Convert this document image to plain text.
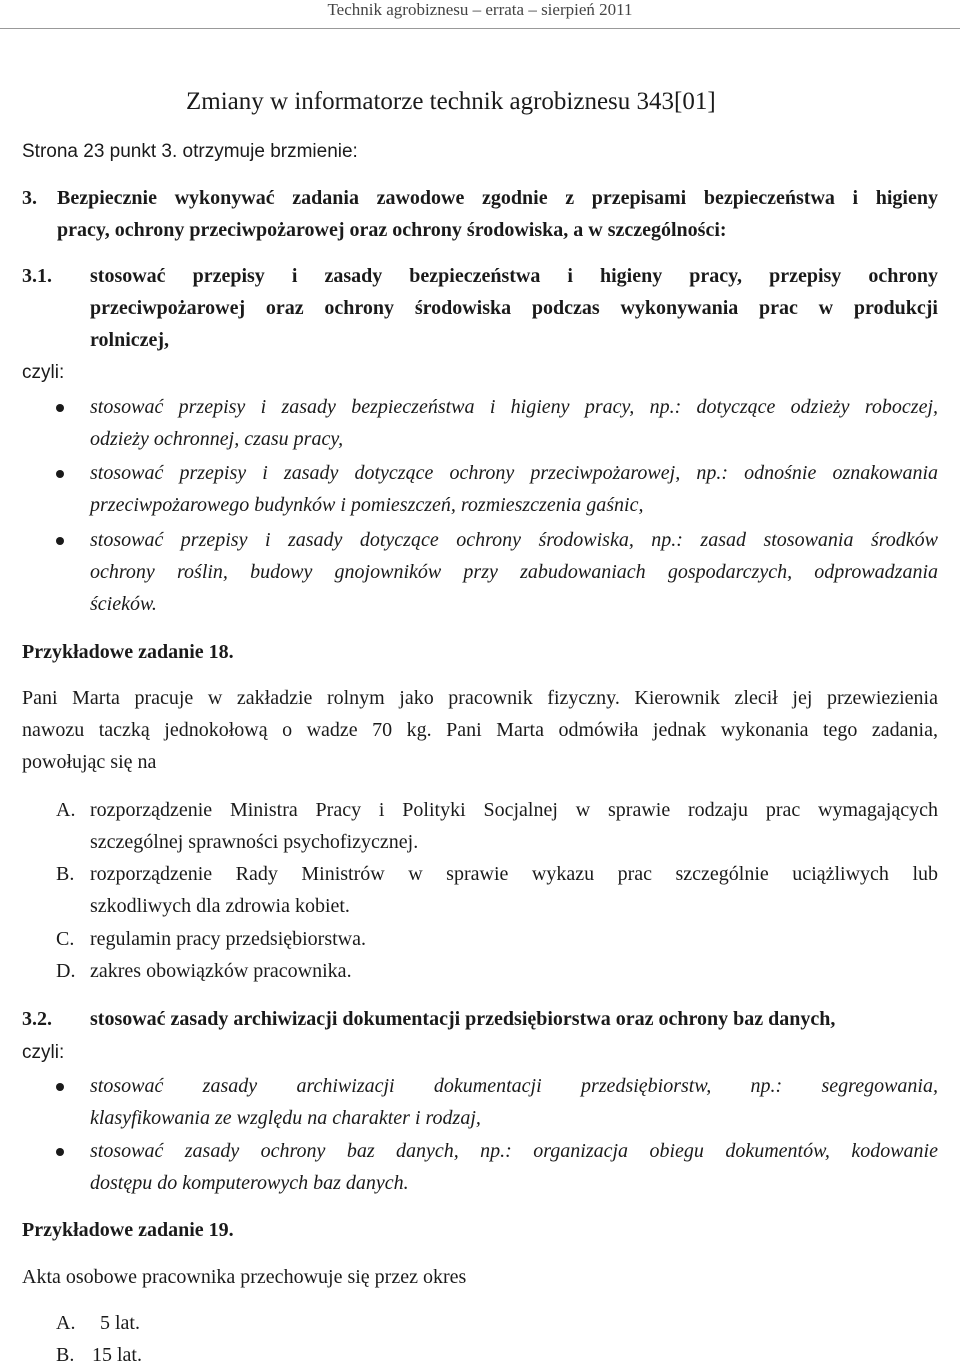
Technik agrobiznesu – errata – sierpień 2011
Zmiany w informatorze technik agrobiznesu 343[01]
Strona 23 punkt 3. otrzymuje brzmienie:
3. Bezpiecznie wykonywać zadania zawodowe zgodnie z przepisami bezpieczeństwa i higieny
pracy, ochrony przeciwpożarowej oraz ochrony środowiska, a w szczególności:
3.1. stosować przepisy i zasady bezpieczeństwa i higieny pracy, przepisy ochrony
przeciwpożarowej oraz ochrony środowiska podczas wykonywania prac w produkcji
rolniczej,
czyli:
stosować przepisy i zasady bezpieczeństwa i higieny pracy, np.: dotyczące odzieży roboczej,
odzieży ochronnej, czasu pracy,
stosować przepisy i zasady dotyczące ochrony przeciwpożarowej, np.: odnośnie oznakowania
przeciwpożarowego budynków i pomieszczeń, rozmieszczenia gaśnic,
stosować przepisy i zasady dotyczące ochrony środowiska, np.: zasad stosowania środków
ochrony roślin, budowy gnojowników przy zabudowaniach gospodarczych, odprowadzania
ścieków.
Przykładowe zadanie 18.
Pani Marta pracuje w zakładzie rolnym jako pracownik fizyczny. Kierownik zlecił jej przewiezienia
nawozu taczką jednokołową o wadze 70 kg. Pani Marta odmówiła jednak wykonania tego zadania,
powołując się na
A. rozporządzenie Ministra Pracy i Polityki Socjalnej w sprawie rodzaju prac wymagających
szczególnej sprawności psychofizycznej.
B. rozporządzenie Rady Ministrów w sprawie wykazu prac szczególnie uciążliwych lub
szkodliwych dla zdrowia kobiet.
C. regulamin pracy przedsiębiorstwa.
D. zakres obowiązków pracownika.
3.2. stosować zasady archiwizacji dokumentacji przedsiębiorstwa oraz ochrony baz danych,
czyli:
stosować zasady archiwizacji dokumentacji przedsiębiorstw, np.: segregowania,
klasyfikowania ze względu na charakter i rodzaj,
stosować zasady ochrony baz danych, np.: organizacja obiegu dokumentów, kodowanie
dostępu do komputerowych baz danych.
Przykładowe zadanie 19.
Akta osobowe pracownika przechowuje się przez okres
A. 5 lat.
B. 15 lat.
